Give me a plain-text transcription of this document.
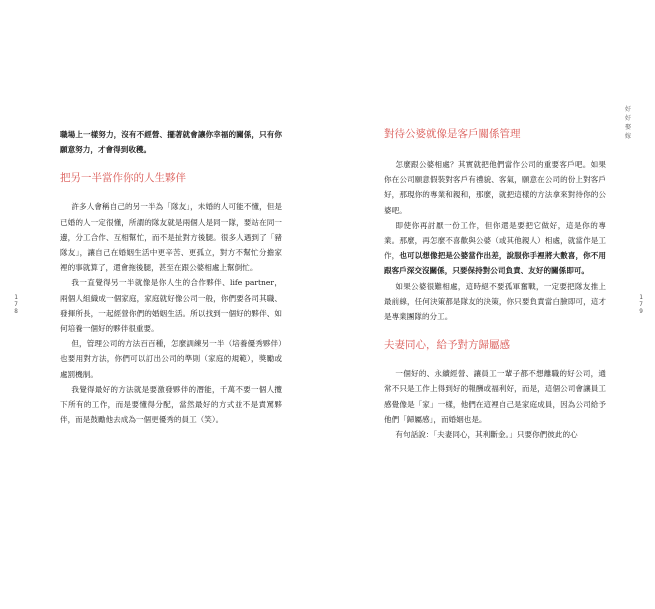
1
7
8

職場上一樣努力，沒有不經營、擺著就會讓你幸福的關係，只有你願意努力，才會得到收穫。

把另一半當作你的人生夥伴

許多人會稱自己的另一半為「隊友」，未婚的人可能不懂，但是已婚的人一定很懂，所謂的隊友就是兩個人是同一隊，要站在同一邊，分工合作、互相幫忙，而不是扯對方後腿。很多人遇到了「豬隊友」，讓自己在婚姻生活中更辛苦、更孤立，對方不幫忙分擔家裡的事就算了，還會拖後腿，甚至在跟公婆相處上幫倒忙。

我一直覺得另一半就像是你人生的合作夥伴、life partner，兩個人組織成一個家庭，家庭就好像公司一般，你們要各司其職、發揮所長，一起經營你們的婚姻生活。所以找到一個好的夥伴、如何培養一個好的夥伴很重要。

但，管理公司的方法百百種，怎麼訓練另一半（培養優秀夥伴）也要用對方法，你們可以訂出公司的準則（家庭的規範），獎勵或處罰機制。

我覺得最好的方法就是要激發夥伴的潛能，千萬不要一個人攬下所有的工作，而是要懂得分配，當然最好的方式並不是責罵夥伴，而是鼓勵他去成為一個更優秀的員工（笑）。

好
好
娶
嫁
1
7
9
對待公婆就像是客戶關係管理

怎麼跟公婆相處？其實就把他們當作公司的重要客戶吧。如果你在公司願意假裝對客戶有禮貌、客氣，願意在公司的份上對客戶好，那現你的專業和親和，那麼，就把這樣的方法拿來對待你的公婆吧。

即使你再討厭一份工作，但你還是要把它做好，這是你的專業。那麼，再怎麼不喜歡與公婆（或其他親人）相處，就當作是工作，也可以想像把是公婆當作出差，說服你手裡將大數喜，你不用跟客戶深交沒關係，只要保持對公司負責、友好的關係即可。

如果公婆很難相處，這時絕不要孤軍奮戰，一定要把隊友推上最前線，任何決策都是隊友的決策，你只要負責當白臉即可，這才是專業團隊的分工。

夫妻同心，給予對方歸屬感

一個好的、永續經營、讓員工一輩子都不想離職的好公司，通常不只是工作上得到好的報酬或福利好，而是，這個公司會讓員工感覺像是「家」一樣，他們在這裡自己是家庭成員，因為公司給予他們「歸屬感」，而婚姻也是。

有句話說：「夫妻同心，其利斷金。」只要你們彼此的心
